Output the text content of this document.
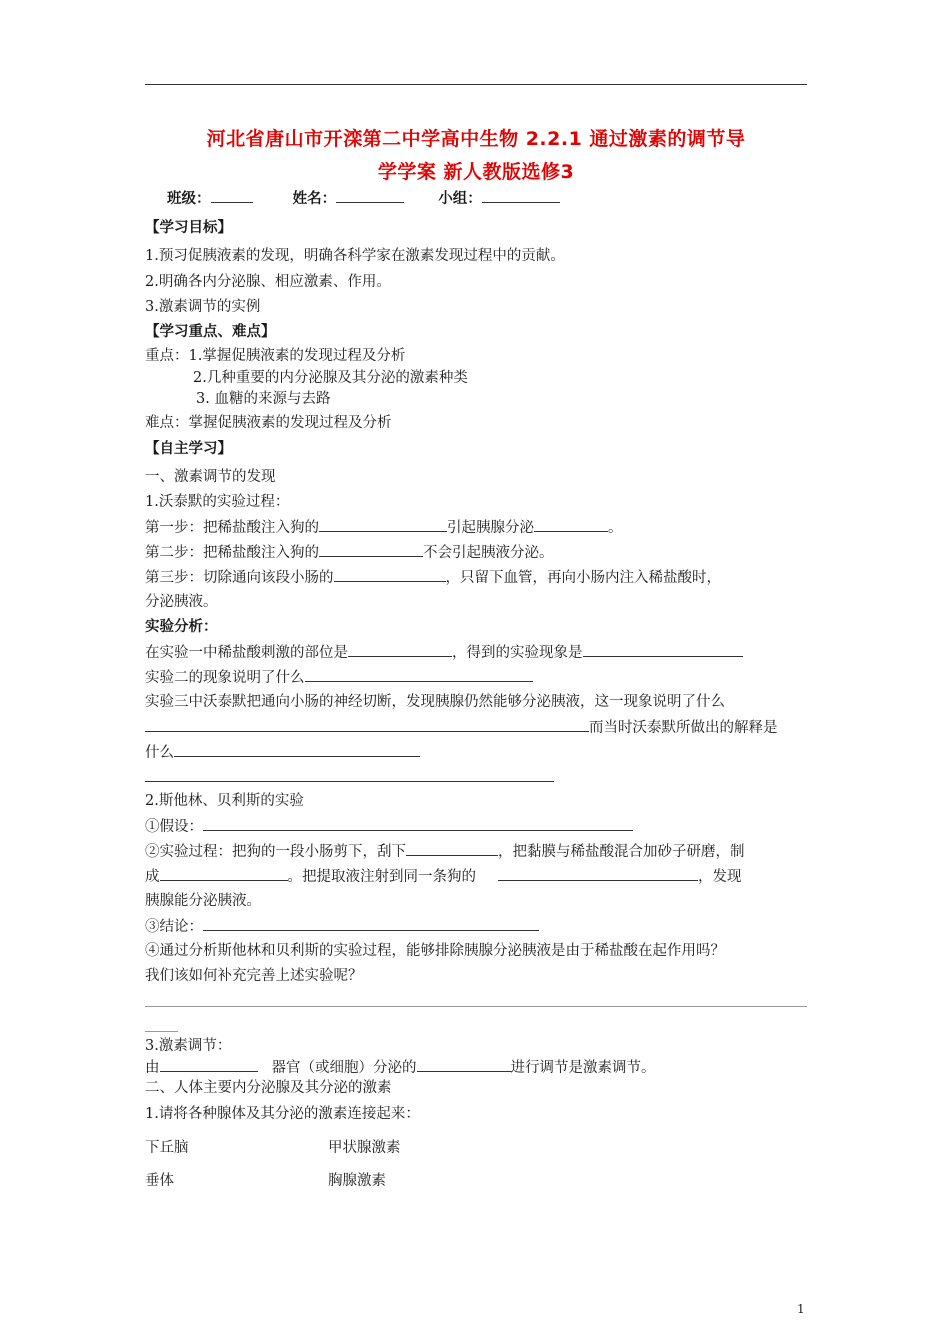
河北省唐山市开滦第二中学高中生物 2.2.1 通过激素的调节导
学学案 新人教版选修3
班级：	姓名：	小组：
【学习目标】
1.预习促胰液素的发现，明确各科学家在激素发现过程中的贡献。
2.明确各内分泌腺、相应激素、作用。
3.激素调节的实例
【学习重点、难点】
重点：1.掌握促胰液素的发现过程及分析
2.几种重要的内分泌腺及其分泌的激素种类
3. 血糖的来源与去路
难点：掌握促胰液素的发现过程及分析
【自主学习】
一、激素调节的发现
1.沃泰默的实验过程：
第一步：把稀盐酸注入狗的	引起胰腺分泌	。
第二步：把稀盐酸注入狗的	不会引起胰液分泌。
第三步：切除通向该段小肠的	，只留下血管，再向小肠内注入稀盐酸时，
分泌胰液。
实验分析：
在实验一中稀盐酸刺激的部位是	，得到的实验现象是
实验二的现象说明了什么
实验三中沃泰默把通向小肠的神经切断，发现胰腺仍然能够分泌胰液，这一现象说明了什么
而当时沃泰默所做出的解释是
什么
2.斯他林、贝利斯的实验
①假设：
②实验过程：把狗的一段小肠剪下，刮下	，把黏膜与稀盐酸混合加砂子研磨，制
成	。把提取液注射到同一条狗的	，发现
胰腺能分泌胰液。
③结论：
④通过分析斯他林和贝利斯的实验过程，能够排除胰腺分泌胰液是由于稀盐酸在起作用吗？
我们该如何补充完善上述实验呢？
3.激素调节：
由	器官（或细胞）分泌的	进行调节是激素调节。
二、人体主要内分泌腺及其分泌的激素
1.请将各种腺体及其分泌的激素连接起来：
下丘脑	甲状腺激素
垂体	胸腺激素
1
